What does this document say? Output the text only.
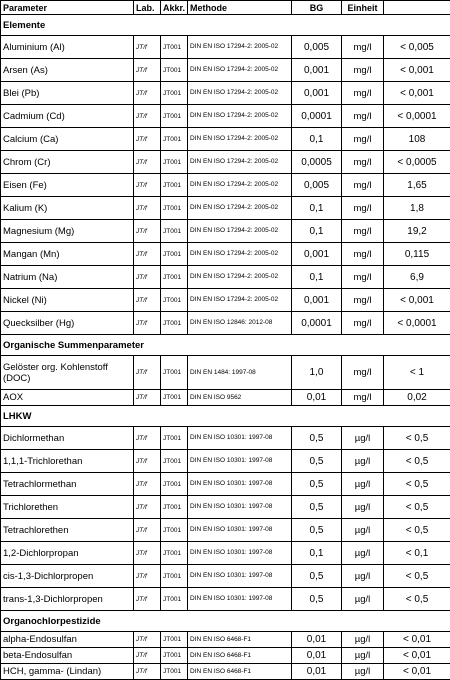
Parameter	Lab.	Akkr.	Methode	BG	Einheit	
Elemente						
Aluminium (Al)	JT/f	JT001	DIN EN ISO 17294-2: 2005-02	0,005	mg/l	< 0,005
Arsen (As)	JT/f	JT001	DIN EN ISO 17294-2: 2005-02	0,001	mg/l	< 0,001
Blei (Pb)	JT/f	JT001	DIN EN ISO 17294-2: 2005-02	0,001	mg/l	< 0,001
Cadmium (Cd)	JT/f	JT001	DIN EN ISO 17294-2: 2005-02	0,0001	mg/l	< 0,0001
Calcium (Ca)	JT/f	JT001	DIN EN ISO 17294-2: 2005-02	0,1	mg/l	108
Chrom (Cr)	JT/f	JT001	DIN EN ISO 17294-2: 2005-02	0,0005	mg/l	< 0,0005
Eisen (Fe)	JT/f	JT001	DIN EN ISO 17294-2: 2005-02	0,005	mg/l	1,65
Kalium (K)	JT/f	JT001	DIN EN ISO 17294-2: 2005-02	0,1	mg/l	1,8
Magnesium (Mg)	JT/f	JT001	DIN EN ISO 17294-2: 2005-02	0,1	mg/l	19,2
Mangan (Mn)	JT/f	JT001	DIN EN ISO 17294-2: 2005-02	0,001	mg/l	0,115
Natrium (Na)	JT/f	JT001	DIN EN ISO 17294-2: 2005-02	0,1	mg/l	6,9
Nickel (Ni)	JT/f	JT001	DIN EN ISO 17294-2: 2005-02	0,001	mg/l	< 0,001
Quecksilber (Hg)	JT/f	JT001	DIN EN ISO 12846: 2012-08	0,0001	mg/l	< 0,0001
Organische Summenparameter						
Gelöster org. Kohlenstoff (DOC)	JT/f	JT001	DIN EN 1484: 1997-08	1,0	mg/l	< 1
AOX	JT/f	JT001	DIN EN ISO 9562	0,01	mg/l	0,02
LHKW						
Dichlormethan	JT/f	JT001	DIN EN ISO 10301: 1997-08	0,5	µg/l	< 0,5
1,1,1-Trichlorethan	JT/f	JT001	DIN EN ISO 10301: 1997-08	0,5	µg/l	< 0,5
Tetrachlormethan	JT/f	JT001	DIN EN ISO 10301: 1997-08	0,5	µg/l	< 0,5
Trichlorethen	JT/f	JT001	DIN EN ISO 10301: 1997-08	0,5	µg/l	< 0,5
Tetrachlorethen	JT/f	JT001	DIN EN ISO 10301: 1997-08	0,5	µg/l	< 0,5
1,2-Dichlorpropan	JT/f	JT001	DIN EN ISO 10301: 1997-08	0,1	µg/l	< 0,1
cis-1,3-Dichlorpropen	JT/f	JT001	DIN EN ISO 10301: 1997-08	0,5	µg/l	< 0,5
trans-1,3-Dichlorpropen	JT/f	JT001	DIN EN ISO 10301: 1997-08	0,5	µg/l	< 0,5
Organochlorpestizide						
alpha-Endosulfan	JT/f	JT001	DIN EN ISO 6468-F1	0,01	µg/l	< 0,01
beta-Endosulfan	JT/f	JT001	DIN EN ISO 6468-F1	0,01	µg/l	< 0,01
HCH, gamma- (Lindan)	JT/f	JT001	DIN EN ISO 6468-F1	0,01	µg/l	< 0,01
